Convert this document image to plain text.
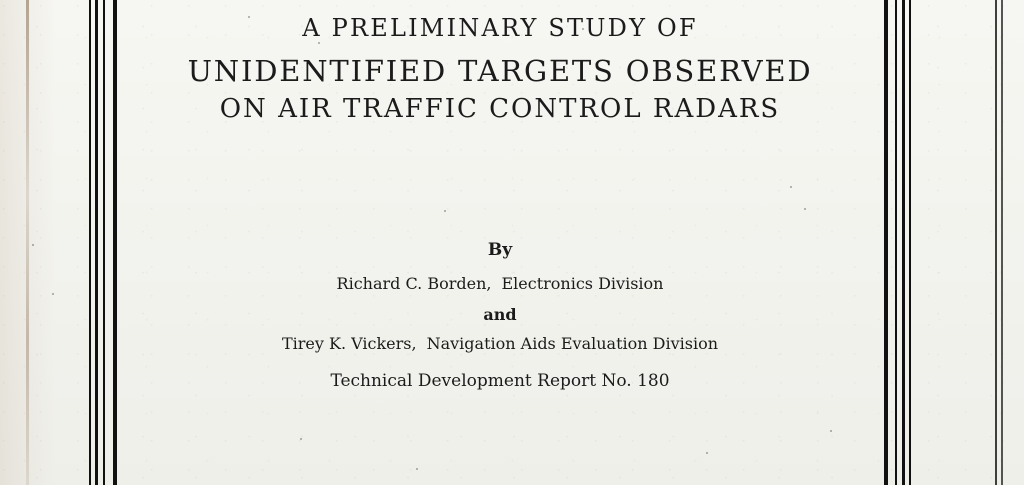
A PRELIMINARY STUDY OF
UNIDENTIFIED TARGETS OBSERVED
ON AIR TRAFFIC CONTROL RADARS
By
Richard C. Borden, Electronics Division
and
Tirey K. Vickers, Navigation Aids Evaluation Division
Technical Development Report No. 180
